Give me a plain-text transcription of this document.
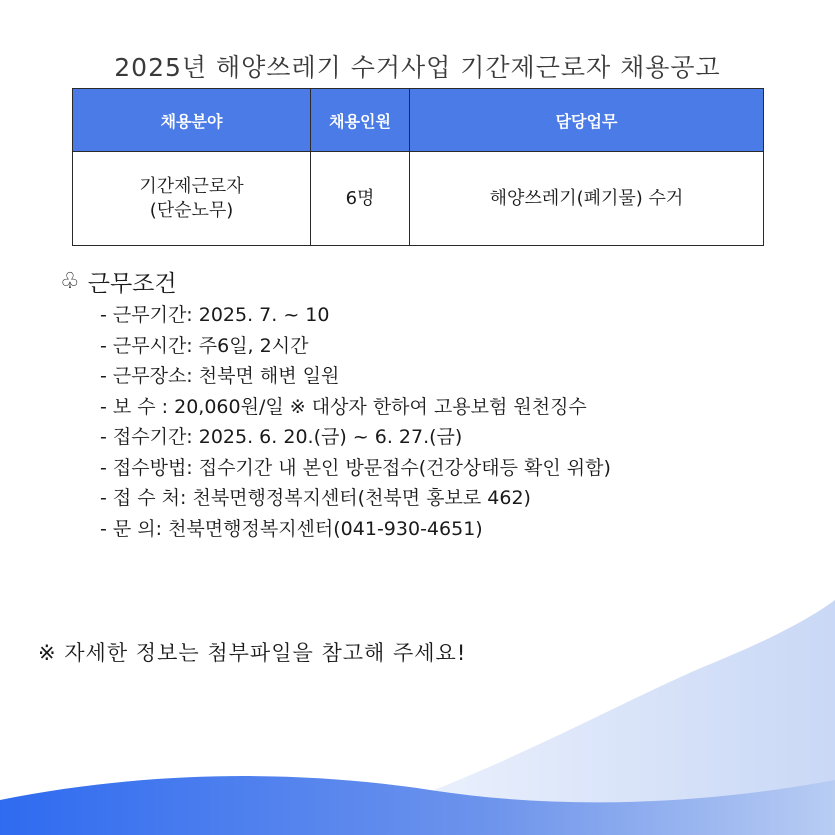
2025년 해양쓰레기 수거사업 기간제근로자 채용공고
채용분야	채용인원	담당업무

기간제근로자
(단순노무)	6명	해양쓰레기(폐기물) 수거
♧ 근무조건
- 근무기간: 2025. 7. ~ 10
- 근무시간: 주6일, 2시간
- 근무장소: 천북면 해변 일원
- 보 수 : 20,060원/일 ※ 대상자 한하여 고용보험 원천징수
- 접수기간: 2025. 6. 20.(금) ~ 6. 27.(금)
- 접수방법: 접수기간 내 본인 방문접수(건강상태등 확인 위함)
- 접 수 처: 천북면행정복지센터(천북면 홍보로 462)
- 문 의: 천북면행정복지센터(041-930-4651)
※ 자세한 정보는 첨부파일을 참고해 주세요!
